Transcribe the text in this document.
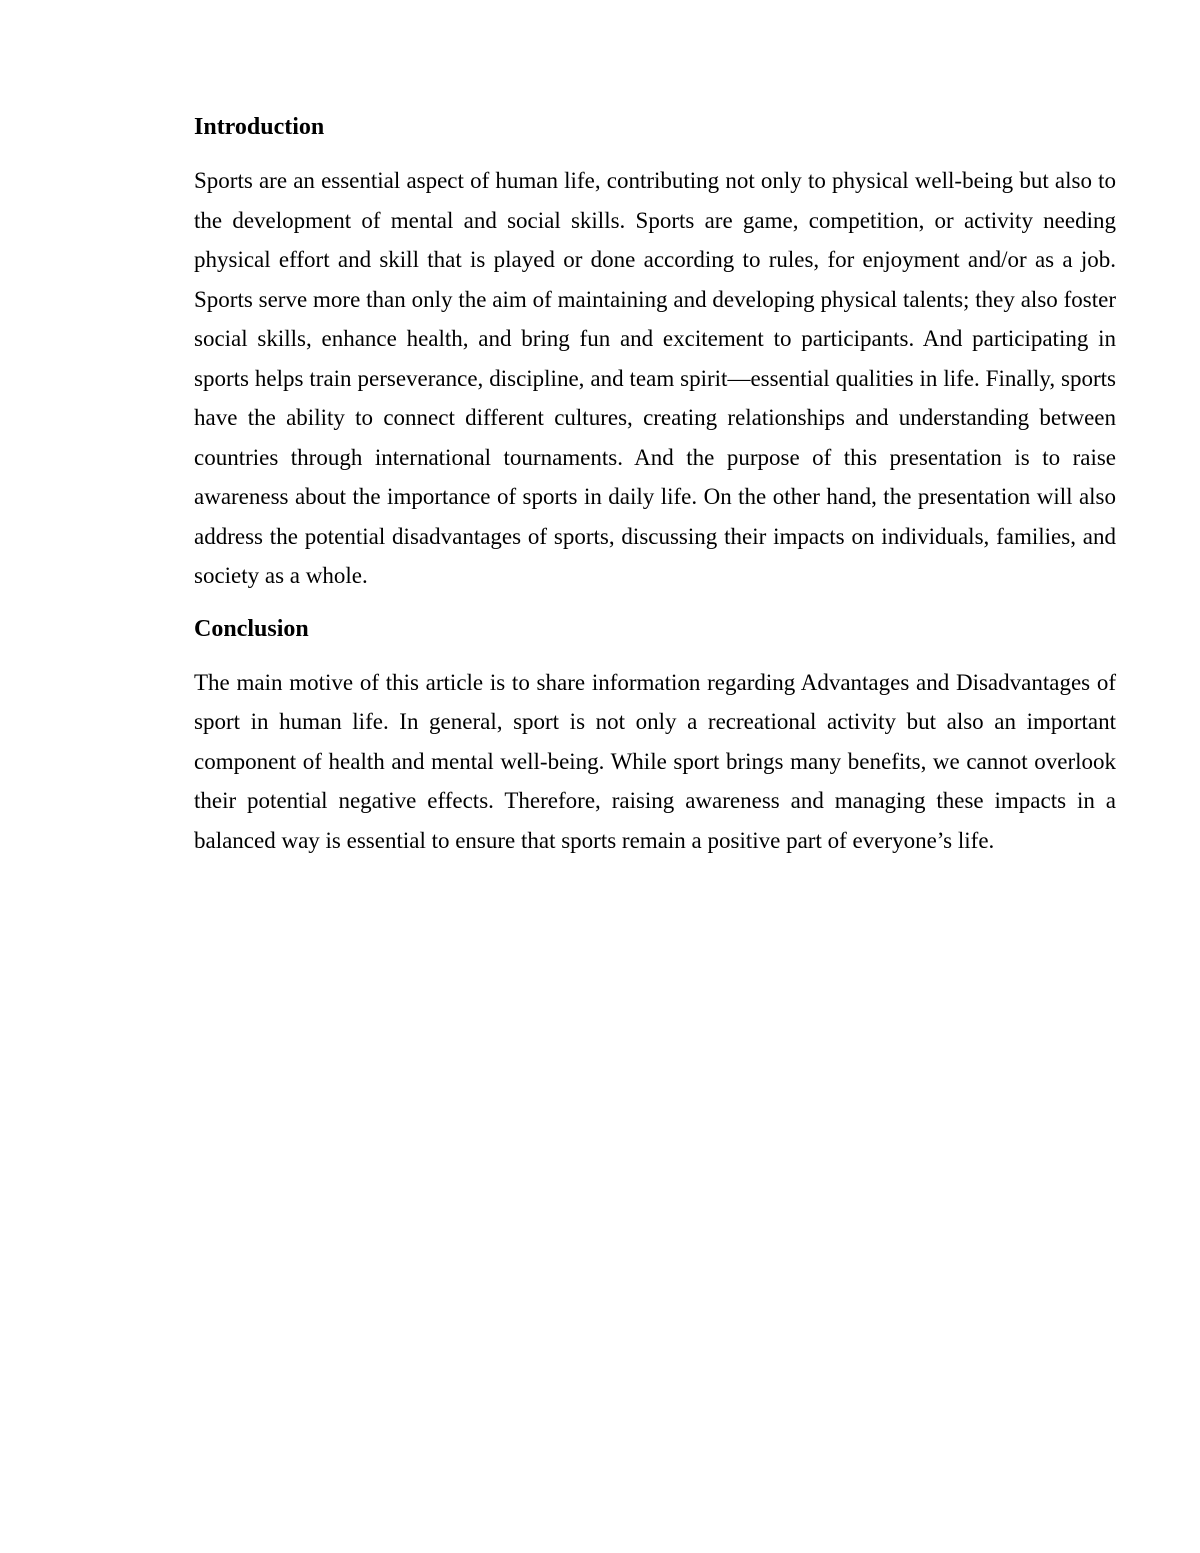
Introduction

Sports are an essential aspect of human life, contributing not only to physical well-being but also to the development of mental and social skills. Sports are game, competition, or activity needing physical effort and skill that is played or done according to rules, for enjoyment and/or as a job. Sports serve more than only the aim of maintaining and developing physical talents; they also foster social skills, enhance health, and bring fun and excitement to participants. And participating in sports helps train perseverance, discipline, and team spirit—essential qualities in life. Finally, sports have the ability to connect different cultures, creating relationships and understanding between countries through international tournaments. And the purpose of this presentation is to raise awareness about the importance of sports in daily life. On the other hand, the presentation will also address the potential disadvantages of sports, discussing their impacts on individuals, families, and society as a whole.

Conclusion

The main motive of this article is to share information regarding Advantages and Disadvantages of sport in human life. In general, sport is not only a recreational activity but also an important component of health and mental well-being. While sport brings many benefits, we cannot overlook their potential negative effects. Therefore, raising awareness and managing these impacts in a balanced way is essential to ensure that sports remain a positive part of everyone’s life.
